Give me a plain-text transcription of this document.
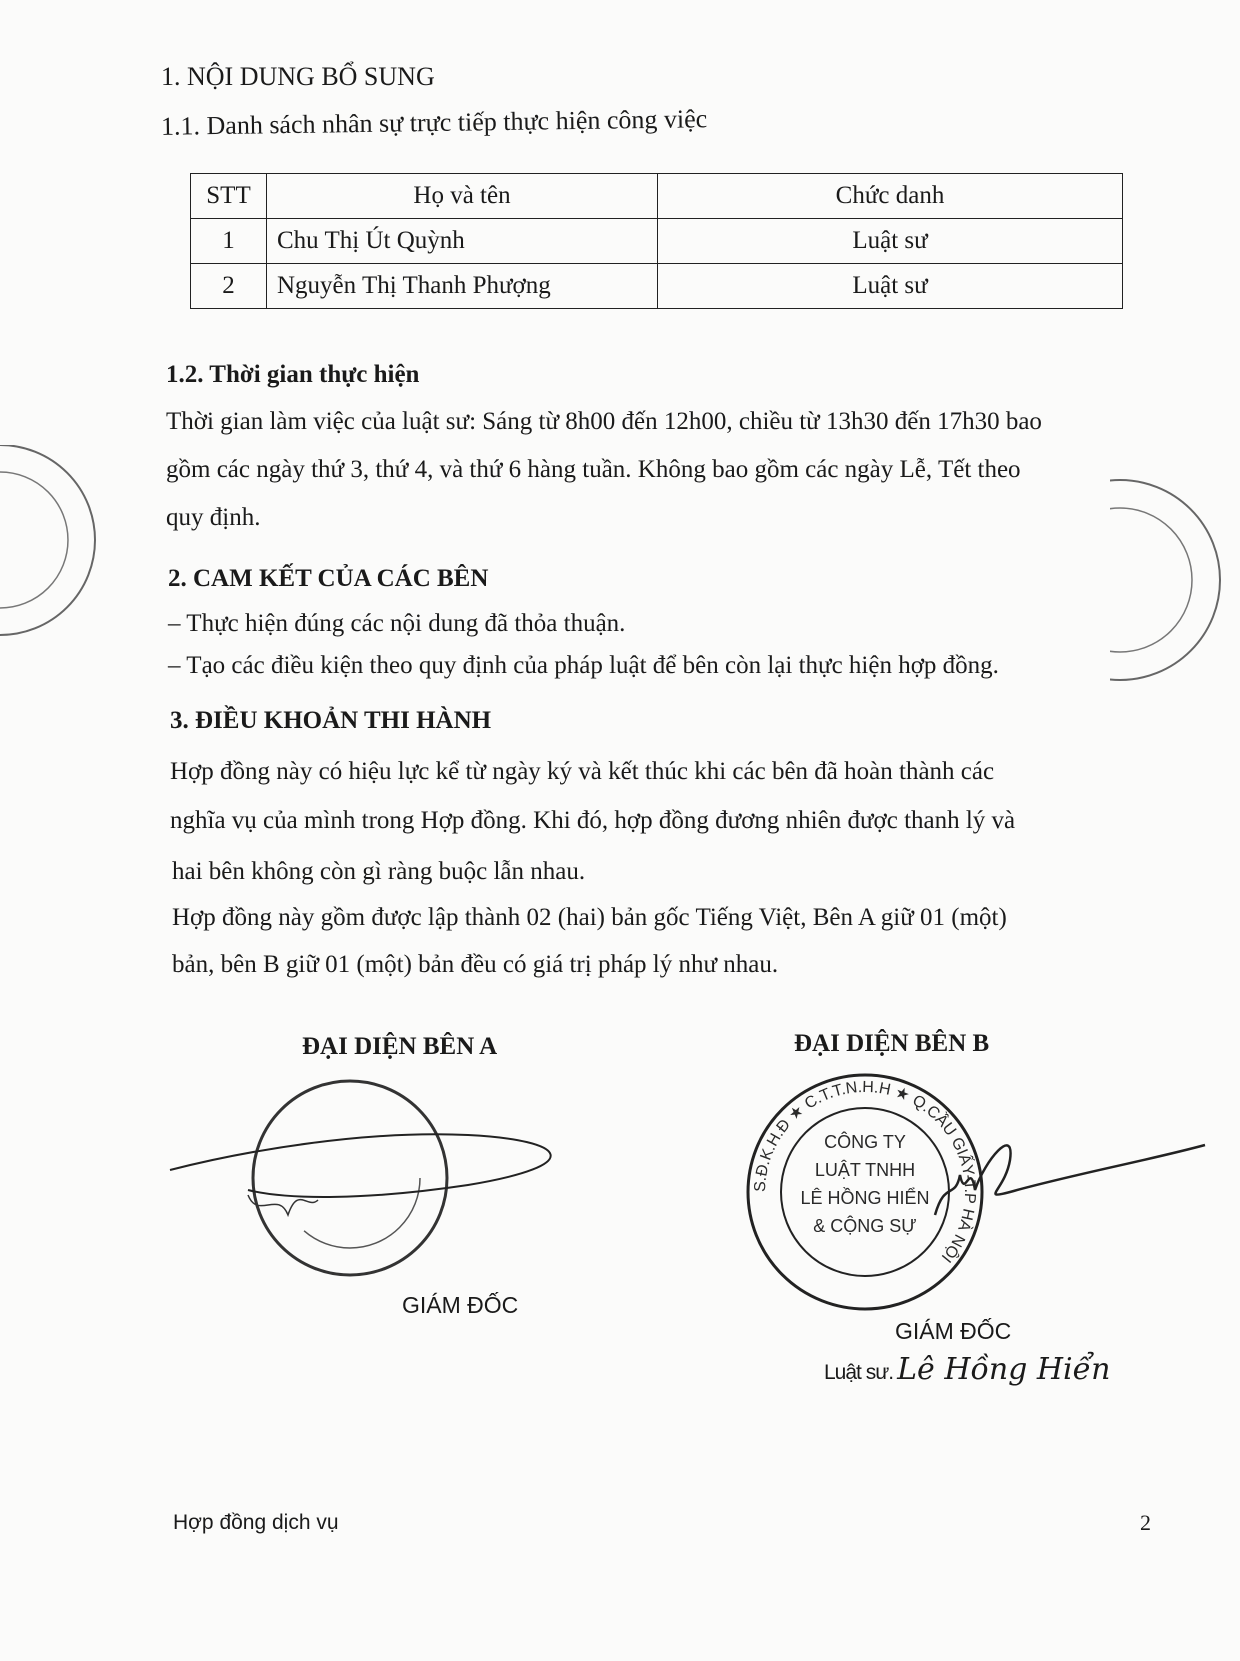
1. NỘI DUNG BỔ SUNG
1.1. Danh sách nhân sự trực tiếp thực hiện công việc
STT	Họ và tên	Chức danh
1	Chu Thị Út Quỳnh	Luật sư
2	Nguyễn Thị Thanh Phượng	Luật sư
1.2. Thời gian thực hiện
Thời gian làm việc của luật sư: Sáng từ 8h00 đến 12h00, chiều từ 13h30 đến 17h30 bao
gồm các ngày thứ 3, thứ 4, và thứ 6 hàng tuần. Không bao gồm các ngày Lễ, Tết theo
quy định.
2. CAM KẾT CỦA CÁC BÊN
– Thực hiện đúng các nội dung đã thỏa thuận.
– Tạo các điều kiện theo quy định của pháp luật để bên còn lại thực hiện hợp đồng.
3. ĐIỀU KHOẢN THI HÀNH
Hợp đồng này có hiệu lực kể từ ngày ký và kết thúc khi các bên đã hoàn thành các
nghĩa vụ của mình trong Hợp đồng. Khi đó, hợp đồng đương nhiên được thanh lý và
hai bên không còn gì ràng buộc lẫn nhau.
Hợp đồng này gồm được lập thành 02 (hai) bản gốc Tiếng Việt, Bên A giữ 01 (một)
bản, bên B giữ 01 (một) bản đều có giá trị pháp lý như nhau.
ĐẠI DIỆN BÊN A
GIÁM ĐỐC
ĐẠI DIỆN BÊN B
S.Đ.K.H.Đ ★ C.T.T.N.H.H ★ Q.CẦU GIẤY-T.P HÀ NỘI
CÔNG TY
LUẬT TNHH
LÊ HỒNG HIỂN
& CỘNG SỰ
GIÁM ĐỐC
Luật sư. Lê Hồng Hiển
Hợp đồng dịch vụ	2
